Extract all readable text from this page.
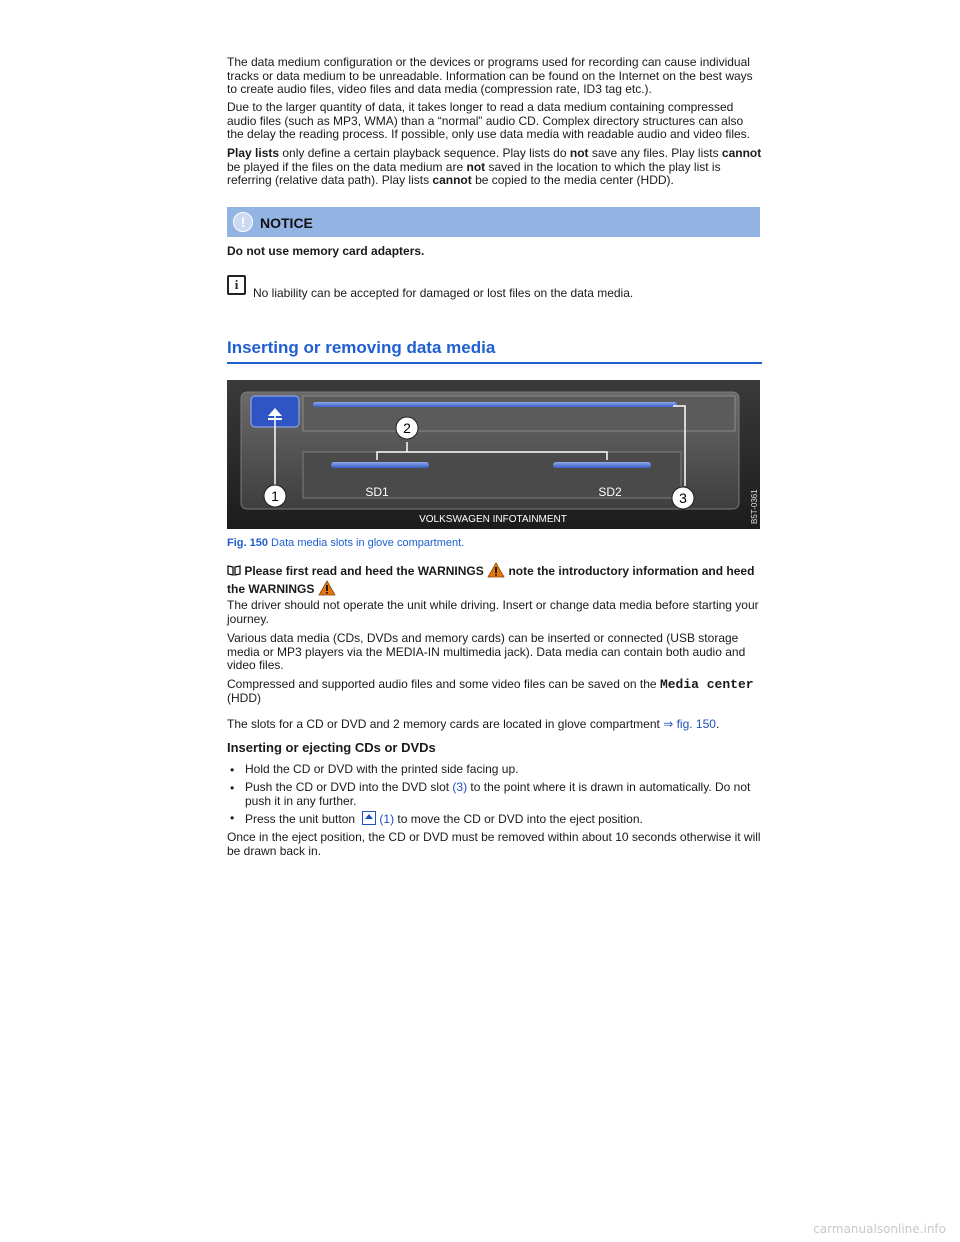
The data medium configuration or the devices or programs used for recording can cause individual tracks or data medium to be unreadable. Information can be found on the Internet on the best ways to create audio files, video files and data media (compression rate, ID3 tag etc.).

Due to the larger quantity of data, it takes longer to read a data medium containing compressed audio files (such as MP3, WMA) than a “normal” audio CD. Complex directory structures can also the delay the reading process. If possible, only use data media with readable audio and video files.

Play lists only define a certain playback sequence. Play lists do not save any files. Play lists cannot be played if the files on the data medium are not saved in the location to which the play list is referring (relative data path). Play lists cannot be copied to the media center (HDD).

!	NOTICE

Do not use memory card adapters.

i

No liability can be accepted for damaged or lost files on the data media.

Inserting or removing data media
SD1	SD2
VOLKSWAGEN INFOTAINMENT
1
2
3	B5T-0361
Fig. 150 Data media slots in glove compartment.

Please first read and heed the WARNINGS note the introductory information and heed the WARNINGS

The driver should not operate the unit while driving. Insert or change data media before starting your journey.

Various data media (CDs, DVDs and memory cards) can be inserted or connected (USB storage media or MP3 players via the MEDIA-IN multimedia jack). Data media can contain both audio and video files.

Compressed and supported audio files and some video files can be saved on the Media center
(HDD)

The slots for a CD or DVD and 2 memory cards are located in glove compartment ⇒ fig. 150.

Inserting or ejecting CDs or DVDs
• Hold the CD or DVD with the printed side facing up.

• Push the CD or DVD into the DVD slot (3) to the point where it is drawn in automatically. Do not push it in any further.

• Press the unit button (1) to move the CD or DVD into the eject position.

Once in the eject position, the CD or DVD must be removed within about 10 seconds otherwise it will be drawn back in.

carmanualsonline.info
